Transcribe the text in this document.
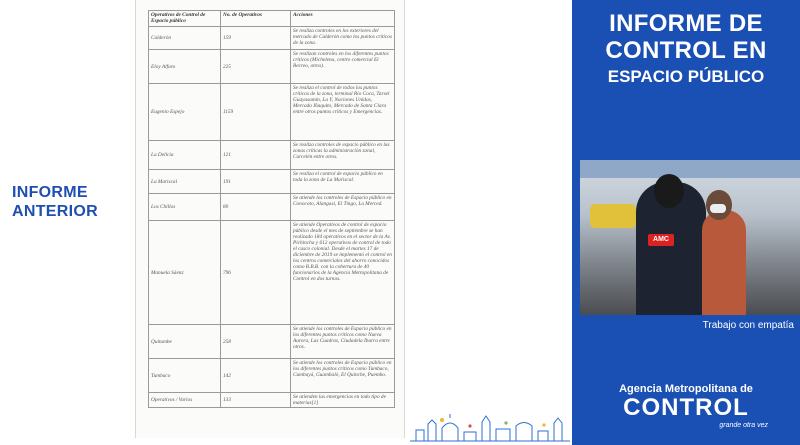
INFORME
ANTERIOR
Operativos de Control de Espacio público	No. de Operativos	Acciones
Calderón	159	Se realiza controles en los exteriores del mercado de Calderón como los puntos críticos de la zona.
Eloy Alfaro	225	Se realizan controles en los diferentes puntos críticos (Michelena, centro comercial El Recreo, otros).
Eugenio Espejo	1159	Se realiza el control de todos los puntos críticos de la zona, terminal Río Coca, Tarsel Guayasamín, La Y, Naciones Unidas, Mercado Iñaquito, Mercado de Santa Clara entre otros puntos críticos y Emergencias.
La Delicia	121	Se realiza controles de espacio público en las zonas críticas la administración zonal, Carcelén entre otros.
La Mariscal	191	Se realiza el control de espacio público en toda la zona de La Mariscal.
Los Chillos	80	Se atiende los controles de Espacio público en Conocoto, Alangasí, El Tingo, La Merced.
Manuela Sáenz	796	Se atiende Operativos de control de espacio público desde el mes de septiembre se han realizado 184 operativos en el sector de la Av. Pichincha y 612 operativos de control de todo el casco colonial. Desde el martes 17 de diciembre de 2019 se implementó el control en los centros comerciales del ahorro conocidos como B.B.B. con la cobertura de 40 funcionarios de la Agencia Metropolitana de Control en dos turnos.
Quitumbe	258	Se atiende los controles de Espacio público en los diferentes puntos críticos como Nueva Aurora, Las Cuadras, Ciudadela Ibarra entre otros.
Tumbaco	142	Se atiende los controles de Espacio público en los diferentes puntos críticos como Tumbaco, Cumbayá, Guambaló, El Quinche, Puembo.
Operativos / Varios	133	Se atienden las emergencias en todo tipo de materias[1]
INFORME DE
CONTROL EN
ESPACIO PÚBLICO
AMC
Trabajo con empatía
Agencia Metropolitana de
CONTROL
grande otra vez
